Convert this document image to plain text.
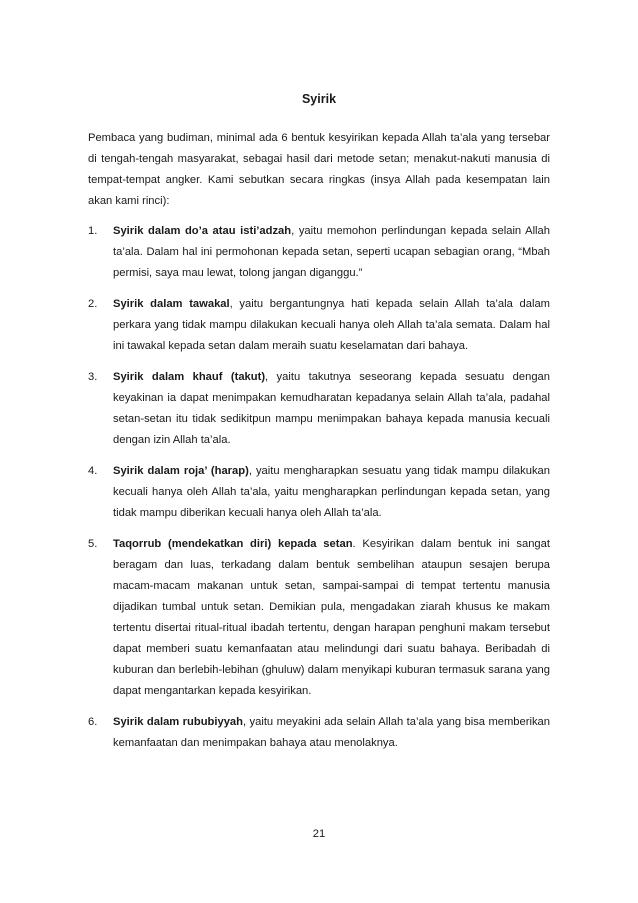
Syirik

Pembaca yang budiman, minimal ada 6 bentuk kesyirikan kepada Allah ta’ala yang tersebar di tengah-tengah masyarakat, sebagai hasil dari metode setan; menakut-nakuti manusia di tempat-tempat angker. Kami sebutkan secara ringkas (insya Allah pada kesempatan lain akan kami rinci):

1. Syirik dalam do’a atau isti’adzah, yaitu memohon perlindungan kepada selain Allah ta’ala. Dalam hal ini permohonan kepada setan, seperti ucapan sebagian orang, “Mbah permisi, saya mau lewat, tolong jangan diganggu.”
2. Syirik dalam tawakal, yaitu bergantungnya hati kepada selain Allah ta’ala dalam perkara yang tidak mampu dilakukan kecuali hanya oleh Allah ta’ala semata. Dalam hal ini tawakal kepada setan dalam meraih suatu keselamatan dari bahaya.
3. Syirik dalam khauf (takut), yaitu takutnya seseorang kepada sesuatu dengan keyakinan ia dapat menimpakan kemudharatan kepadanya selain Allah ta’ala, padahal setan-setan itu tidak sedikitpun mampu menimpakan bahaya kepada manusia kecuali dengan izin Allah ta’ala.
4. Syirik dalam roja’ (harap), yaitu mengharapkan sesuatu yang tidak mampu dilakukan kecuali hanya oleh Allah ta’ala, yaitu mengharapkan perlindungan kepada setan, yang tidak mampu diberikan kecuali hanya oleh Allah ta’ala.
5. Taqorrub (mendekatkan diri) kepada setan. Kesyirikan dalam bentuk ini sangat beragam dan luas, terkadang dalam bentuk sembelihan ataupun sesajen berupa macam-macam makanan untuk setan, sampai-sampai di tempat tertentu manusia dijadikan tumbal untuk setan. Demikian pula, mengadakan ziarah khusus ke makam tertentu disertai ritual-ritual ibadah tertentu, dengan harapan penghuni makam tersebut dapat memberi suatu kemanfaatan atau melindungi dari suatu bahaya. Beribadah di kuburan dan berlebih-lebihan (ghuluw) dalam menyikapi kuburan termasuk sarana yang dapat mengantarkan kepada kesyirikan.
6. Syirik dalam rububiyyah, yaitu meyakini ada selain Allah ta’ala yang bisa memberikan kemanfaatan dan menimpakan bahaya atau menolaknya.
21
